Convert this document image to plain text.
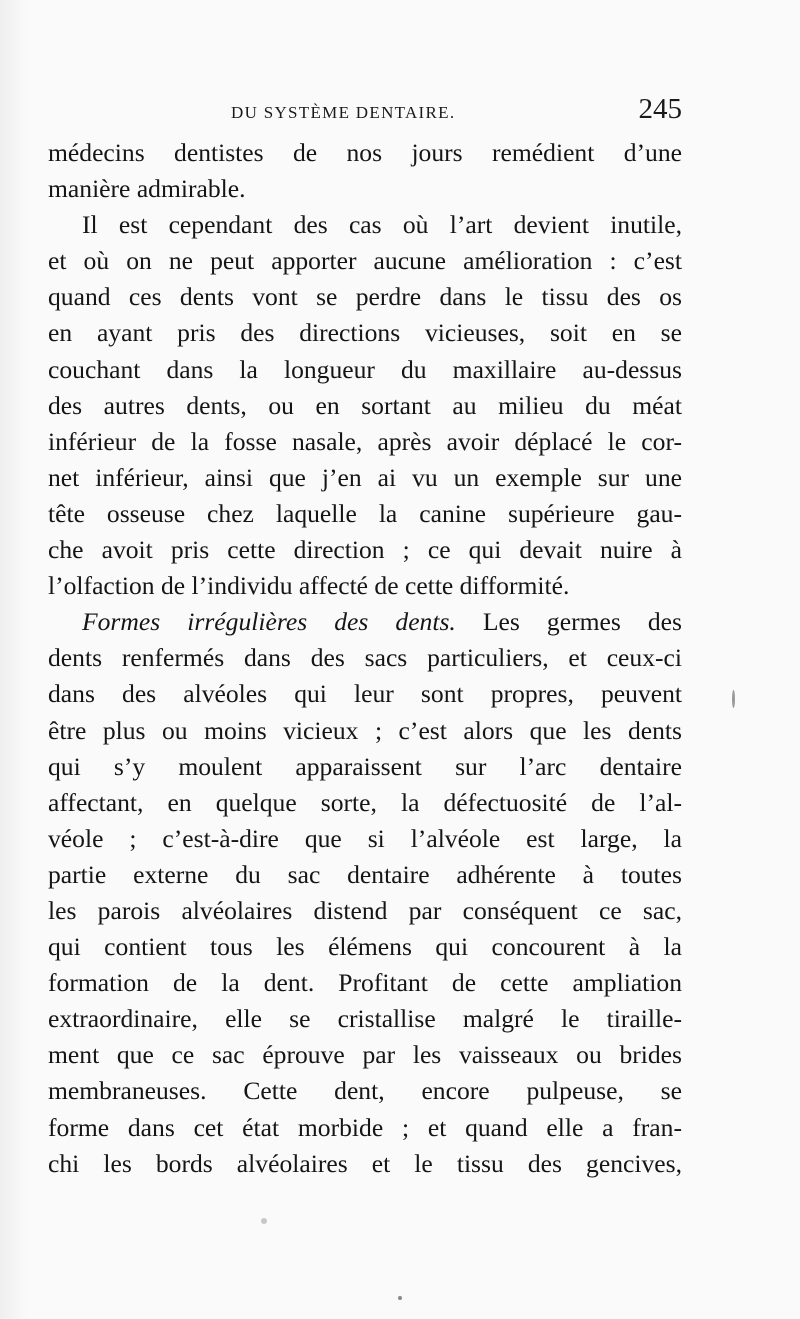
DU SYSTÈME DENTAIRE.	245
médecins dentistes de nos jours remédient d’une
manière admirable.
Il est cependant des cas où l’art devient inutile,
et où on ne peut apporter aucune amélioration : c’est
quand ces dents vont se perdre dans le tissu des os
en ayant pris des directions vicieuses, soit en se
couchant dans la longueur du maxillaire au-dessus
des autres dents, ou en sortant au milieu du méat
inférieur de la fosse nasale, après avoir déplacé le cor-
net inférieur, ainsi que j’en ai vu un exemple sur une
tête osseuse chez laquelle la canine supérieure gau-
che avoit pris cette direction ; ce qui devait nuire à
l’olfaction de l’individu affecté de cette difformité.
Formes irrégulières des dents. Les germes des
dents renfermés dans des sacs particuliers, et ceux-ci
dans des alvéoles qui leur sont propres, peuvent
être plus ou moins vicieux ; c’est alors que les dents
qui s’y moulent apparaissent sur l’arc dentaire
affectant, en quelque sorte, la défectuosité de l’al-
véole ; c’est-à-dire que si l’alvéole est large, la
partie externe du sac dentaire adhérente à toutes
les parois alvéolaires distend par conséquent ce sac,
qui contient tous les élémens qui concourent à la
formation de la dent. Profitant de cette ampliation
extraordinaire, elle se cristallise malgré le tiraille-
ment que ce sac éprouve par les vaisseaux ou brides
membraneuses. Cette dent, encore pulpeuse, se
forme dans cet état morbide ; et quand elle a fran-
chi les bords alvéolaires et le tissu des gencives,
